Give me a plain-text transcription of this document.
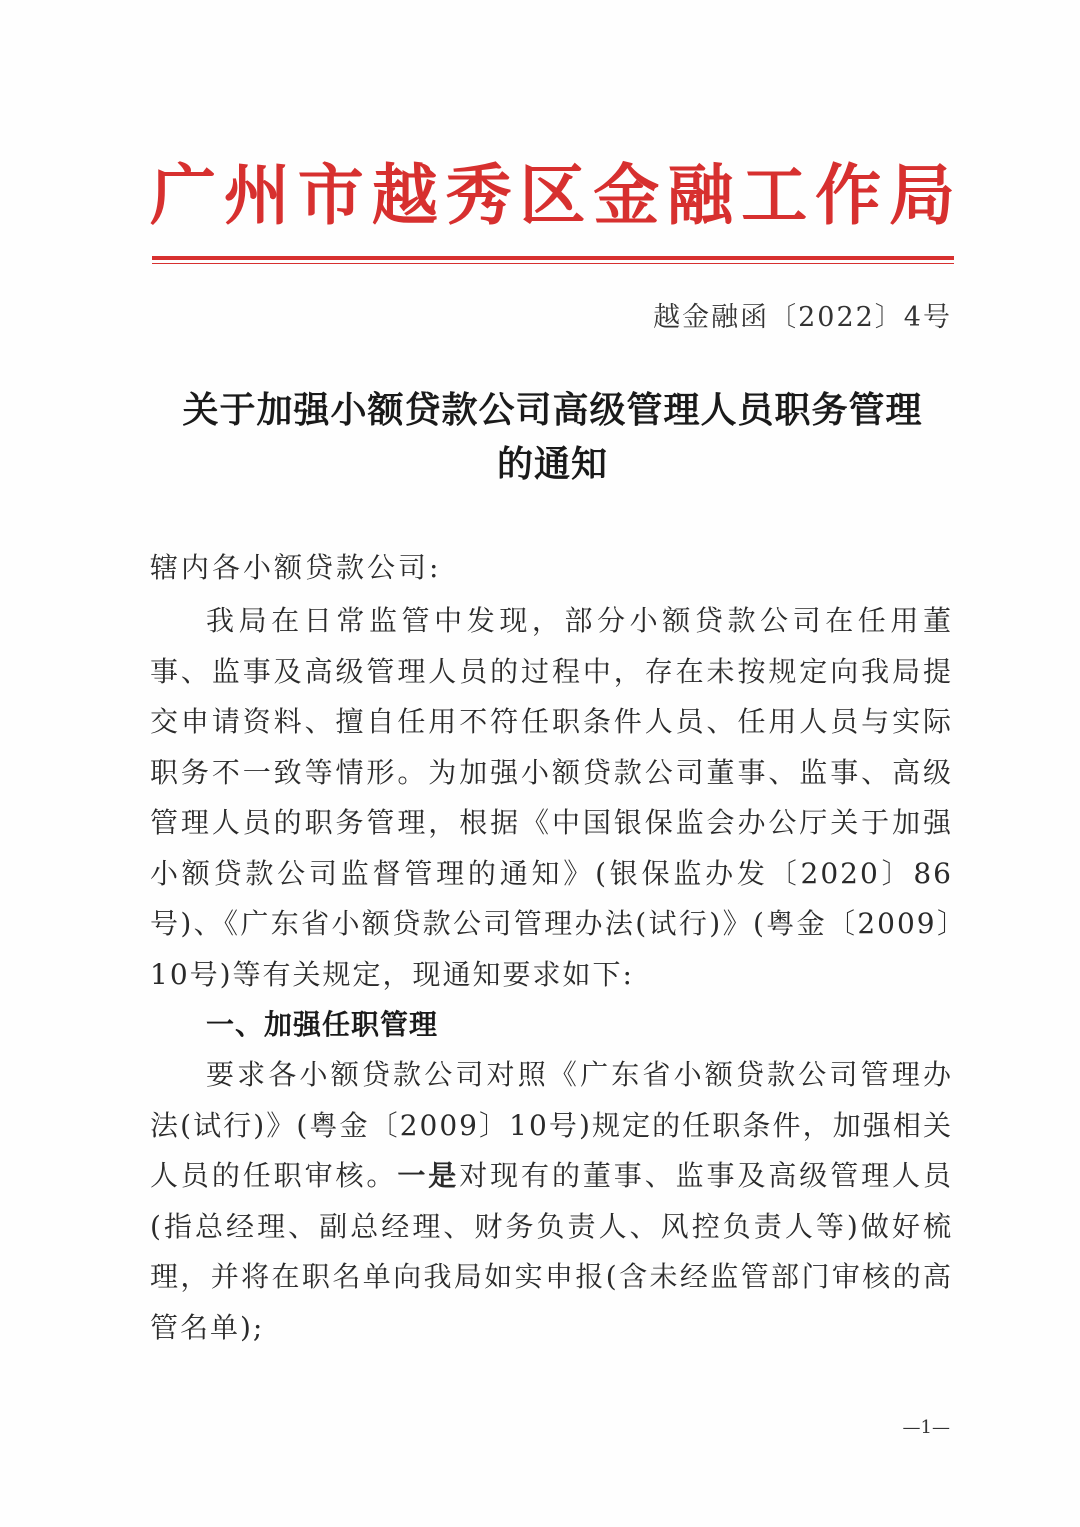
广州市越秀区金融工作局
越金融函〔2022〕4号
关于加强小额贷款公司高级管理人员职务管理
的通知
辖内各小额贷款公司:
我局在日常监管中发现，部分小额贷款公司在任用董事、监事及高级管理人员的过程中，存在未按规定向我局提交申请资料、擅自任用不符任职条件人员、任用人员与实际职务不一致等情形。为加强小额贷款公司董事、监事、高级管理人员的职务管理，根据《中国银保监会办公厅关于加强小额贷款公司监督管理的通知》(银保监办发〔2020〕86号)、《广东省小额贷款公司管理办法(试行)》(粤金〔2009〕10号)等有关规定，现通知要求如下:
一、加强任职管理
要求各小额贷款公司对照《广东省小额贷款公司管理办法(试行)》(粤金〔2009〕10号)规定的任职条件，加强相关人员的任职审核。一是对现有的董事、监事及高级管理人员(指总经理、副总经理、财务负责人、风控负责人等)做好梳理，并将在职名单向我局如实申报(含未经监管部门审核的高管名单);
—1—
